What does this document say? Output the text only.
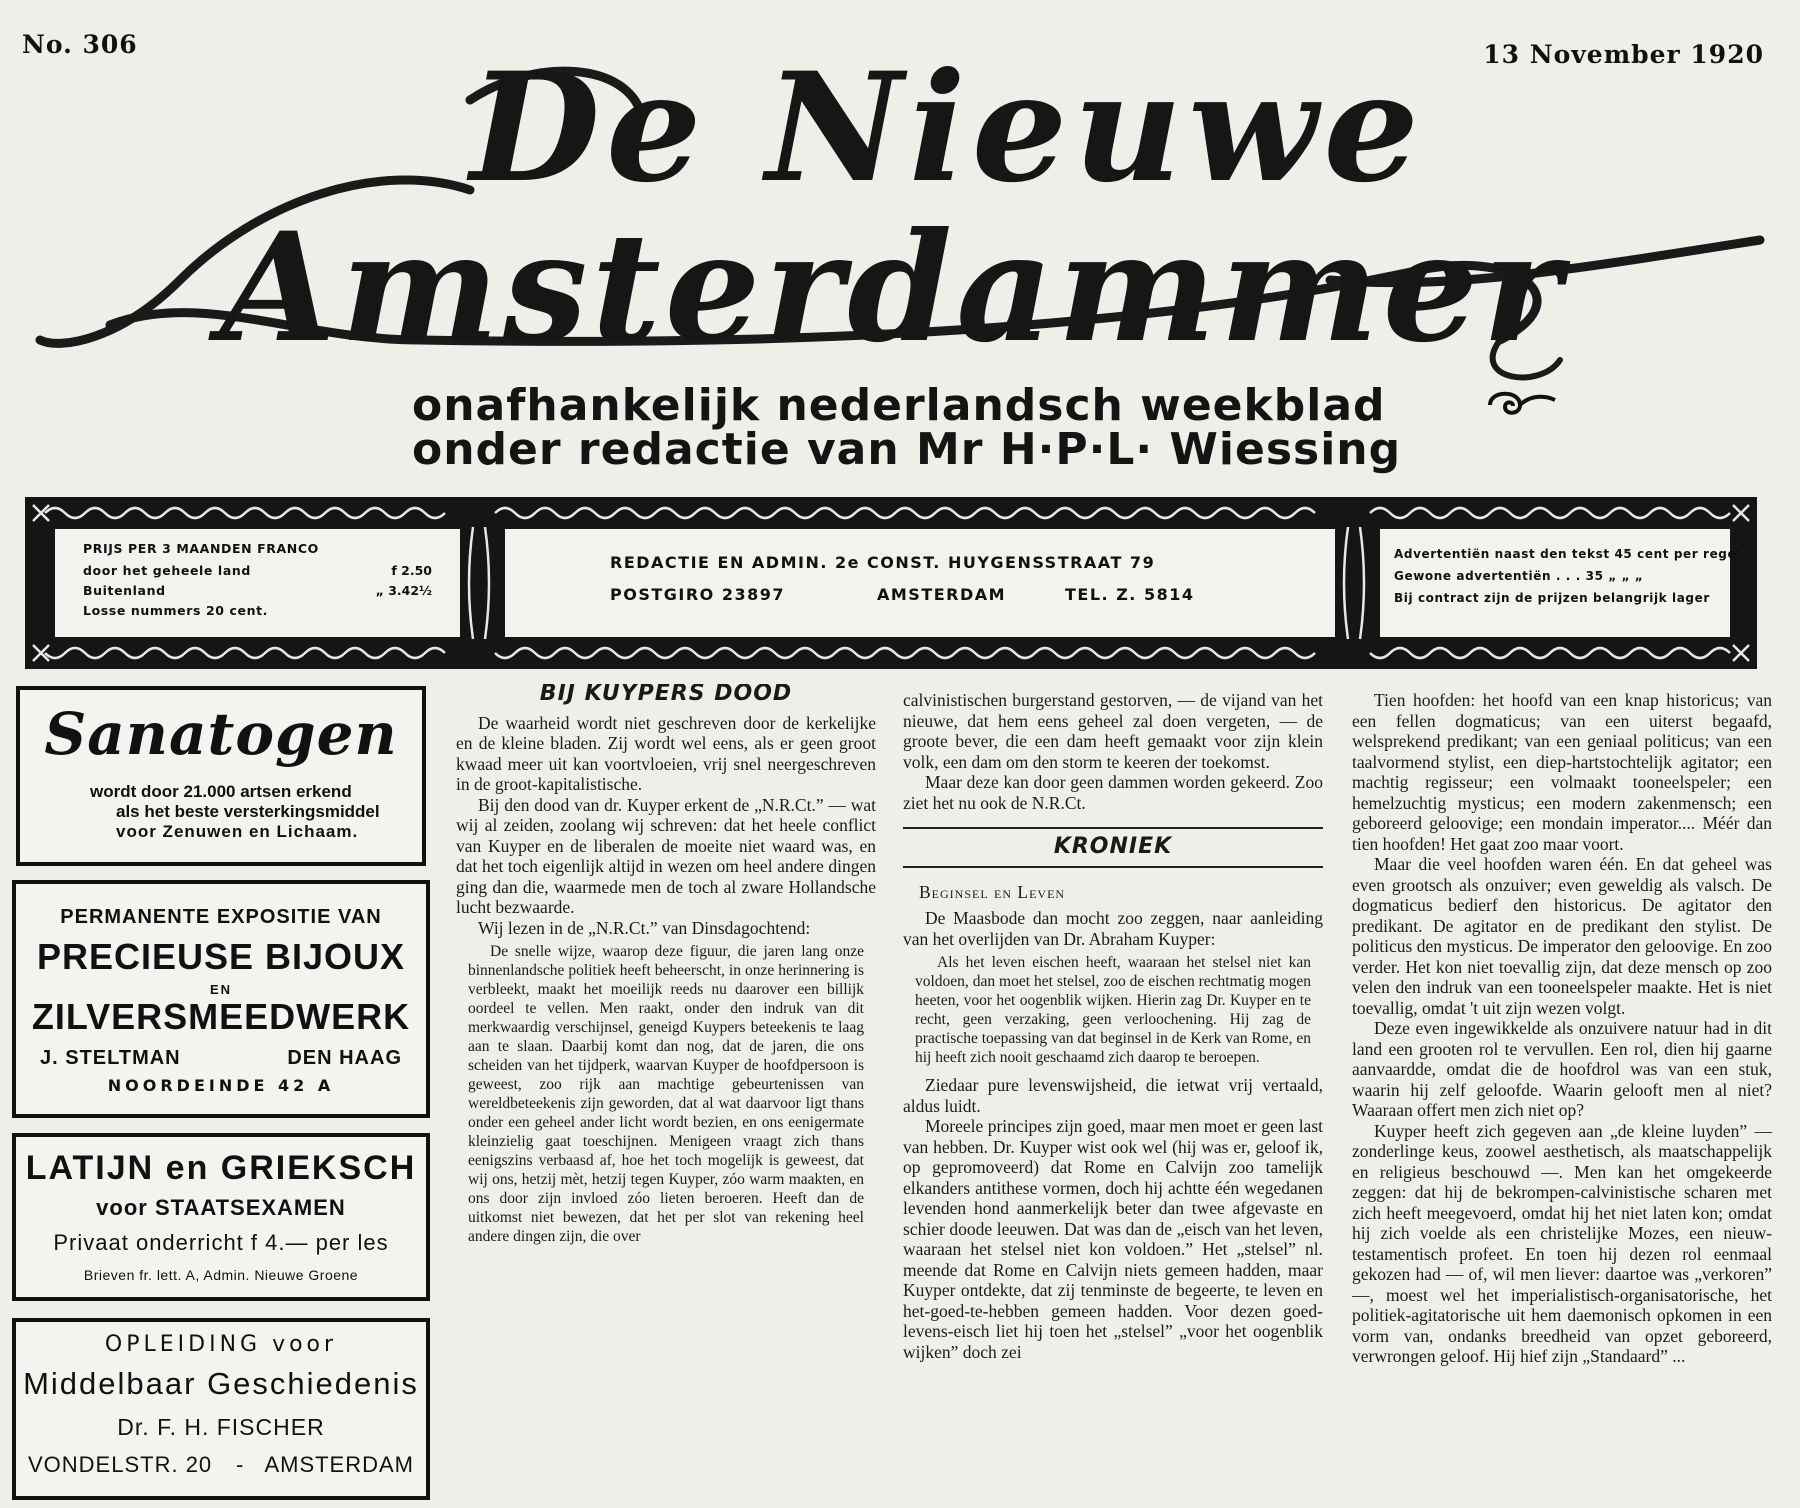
No. 306	13 November 1920
De Nieuwe
Amsterdammer
onafhankelijk nederlandsch weekblad
onder redactie van Mr H·P·L· Wiessing
PRIJS PER 3 MAANDEN FRANCO
door het geheele land	f 2.50
Buitenland	„ 3.42½
Losse nummers 20 cent.
REDACTIE EN ADMIN. 2e CONST. HUYGENSSTRAAT 79
POSTGIRO 23897	AMSTERDAM	TEL. Z. 5814
Advertentiën naast den tekst 45 cent per regel
Gewone advertentiën . . . 35 „ „ „
Bij contract zijn de prijzen belangrijk lager
Sanatogen
wordt door 21.000 artsen erkend
als het beste versterkingsmiddel
voor Zenuwen en Lichaam.
PERMANENTE EXPOSITIE VAN
PRECIEUSE BIJOUX
EN
ZILVERSMEEDWERK
J. STELTMAN	DEN HAAG
NOORDEINDE 42 A
LATIJN en GRIEKSCH
voor STAATSEXAMEN
Privaat onderricht f 4.— per les
Brieven fr. lett. A, Admin. Nieuwe Groene
OPLEIDING voor
Middelbaar Geschiedenis
Dr. F. H. FISCHER
VONDELSTR. 20 - AMSTERDAM
BIJ KUYPERS DOOD

De waarheid wordt niet geschreven door de kerkelijke en de kleine bladen. Zij wordt wel eens, als er geen groot kwaad meer uit kan voortvloeien, vrij snel neergeschreven in de groot-kapitalistische.

Bij den dood van dr. Kuyper erkent de „N.R.Ct.” — wat wij al zeiden, zoolang wij schreven: dat het heele conflict van Kuyper en de liberalen de moeite niet waard was, en dat het toch eigenlijk altijd in wezen om heel andere dingen ging dan die, waarmede men de toch al zware Hollandsche lucht bezwaarde.

Wij lezen in de „N.R.Ct.” van Dinsdagochtend:

De snelle wijze, waarop deze figuur, die jaren lang onze binnenlandsche politiek heeft beheerscht, in onze herinnering is verbleekt, maakt het moeilijk reeds nu daarover een billijk oordeel te vellen. Men raakt, onder den indruk van dit merkwaardig verschijnsel, geneigd Kuypers beteekenis te laag aan te slaan. Daarbij komt dan nog, dat de jaren, die ons scheiden van het tijdperk, waarvan Kuyper de hoofdpersoon is geweest, zoo rijk aan machtige gebeurtenissen van wereldbeteekenis zijn geworden, dat al wat daarvoor ligt thans onder een geheel ander licht wordt bezien, en ons eenigermate kleinzielig gaat toeschijnen. Menigeen vraagt zich thans eenigszins verbaasd af, hoe het toch mogelijk is geweest, dat wij ons, hetzij mèt, hetzij tegen Kuyper, zóo warm maakten, en ons door zijn invloed zóo lieten beroeren. Heeft dan de uitkomst niet bewezen, dat het per slot van rekening heel andere dingen zijn, die over

calvinistischen burgerstand gestorven, — de vijand van het nieuwe, dat hem eens geheel zal doen vergeten, — de groote bever, die een dam heeft gemaakt voor zijn klein volk, een dam om den storm te keeren der toekomst.

Maar deze kan door geen dammen worden gekeerd. Zoo ziet het nu ook de N.R.Ct.

KRONIEK

Beginsel en Leven

De Maasbode dan mocht zoo zeggen, naar aanleiding van het overlijden van Dr. Abraham Kuyper:

Als het leven eischen heeft, waaraan het stelsel niet kan voldoen, dan moet het stelsel, zoo de eischen rechtmatig mogen heeten, voor het oogenblik wijken. Hierin zag Dr. Kuyper en te recht, geen verzaking, geen verloochening. Hij zag de practische toepassing van dat beginsel in de Kerk van Rome, en hij heeft zich nooit geschaamd zich daarop te beroepen.

Ziedaar pure levenswijsheid, die ietwat vrij vertaald, aldus luidt.

Moreele principes zijn goed, maar men moet er geen last van hebben. Dr. Kuyper wist ook wel (hij was er, geloof ik, op gepromoveerd) dat Rome en Calvijn zoo tamelijk elkanders antithese vormen, doch hij achtte één wegedanen levenden hond aanmerkelijk beter dan twee afgevaste en schier doode leeuwen. Dat was dan de „eisch van het leven, waaraan het stelsel niet kon voldoen.” Het „stelsel” nl. meende dat Rome en Calvijn niets gemeen hadden, maar Kuyper ontdekte, dat zij tenminste de begeerte, te leven en het-goed-te-hebben gemeen hadden. Voor dezen goed-levens-eisch liet hij toen het „stelsel” „voor het oogenblik wijken” doch zei

Tien hoofden: het hoofd van een knap historicus; van een fellen dogmaticus; van een uiterst begaafd, welsprekend predikant; van een geniaal politicus; van een taalvormend stylist, een diep-hartstochtelijk agitator; een machtig regisseur; een volmaakt tooneelspeler; een hemelzuchtig mysticus; een modern zakenmensch; een geboreerd geloovige; een mondain imperator.... Méér dan tien hoofden! Het gaat zoo maar voort.

Maar die veel hoofden waren één. En dat geheel was even grootsch als onzuiver; even geweldig als valsch. De dogmaticus bedierf den historicus. De agitator den predikant. De agitator en de predikant den stylist. De politicus den mysticus. De imperator den geloovige. En zoo verder. Het kon niet toevallig zijn, dat deze mensch op zoo velen den indruk van een tooneelspeler maakte. Het is niet toevallig, omdat 't uit zijn wezen volgt.

Deze even ingewikkelde als onzuivere natuur had in dit land een grooten rol te vervullen. Een rol, dien hij gaarne aanvaardde, omdat die de hoofdrol was van een stuk, waarin hij zelf geloofde. Waarin gelooft men al niet? Waaraan offert men zich niet op?

Kuyper heeft zich gegeven aan „de kleine luyden” — zonderlinge keus, zoowel aesthetisch, als maatschappelijk en religieus beschouwd —. Men kan het omgekeerde zeggen: dat hij de bekrompen-calvinistische scharen met zich heeft meegevoerd, omdat hij het niet laten kon; omdat hij zich voelde als een christelijke Mozes, een nieuw-testamentisch profeet. En toen hij dezen rol eenmaal gekozen had — of, wil men liever: daartoe was „verkoren” —, moest wel het imperialistisch-organisatorische, het politiek-agitatorische uit hem daemonisch opkomen in een vorm van, ondanks breedheid van opzet geboreerd, verwrongen geloof. Hij hief zijn „Standaard” ...
